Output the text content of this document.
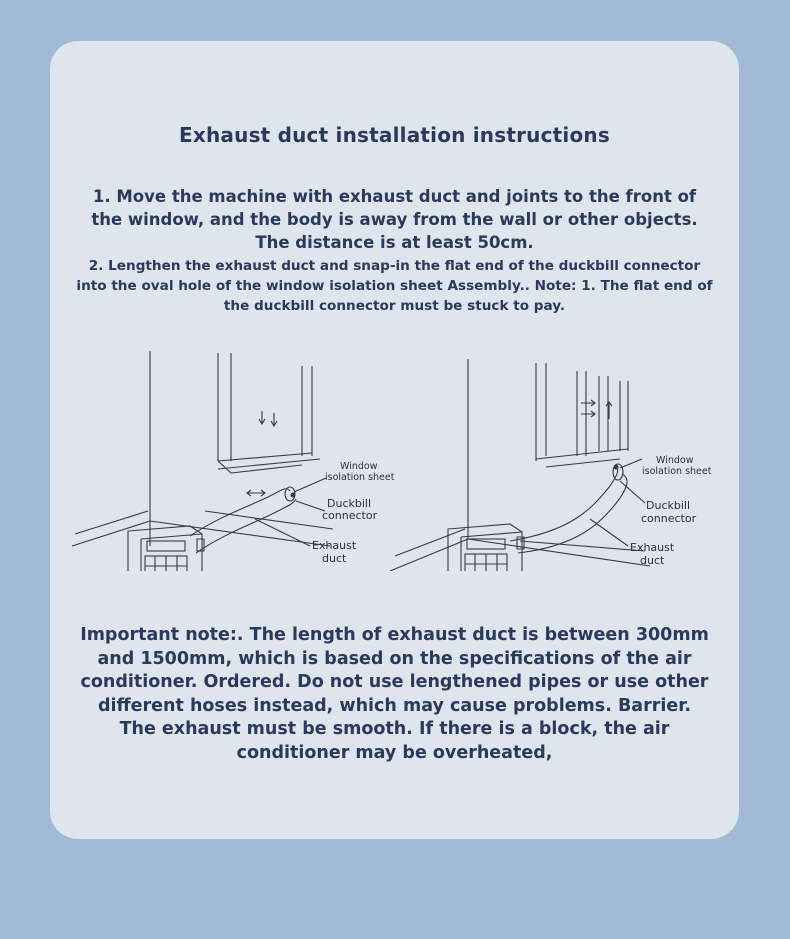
Exhaust duct installation instructions
1. Move the machine with exhaust duct and joints to the front of the window, and the body is away from the wall or other objects. The distance is at least 50cm.
2. Lengthen the exhaust duct and snap-in the flat end of the duckbill connector into the oval hole of the window isolation sheet Assembly.. Note: 1. The flat end of the duckbill connector must be stuck to pay.
Window
isolation sheet
Duckbill
connector
Exhaust
duct
Window
isolation sheet
Duckbill
connector
Exhaust
duct
Important note:. The length of exhaust duct is between 300mm and 1500mm, which is based on the specifications of the air conditioner. Ordered. Do not use lengthened pipes or use other different hoses instead, which may cause problems. Barrier. The exhaust must be smooth. If there is a block, the air conditioner may be overheated,
